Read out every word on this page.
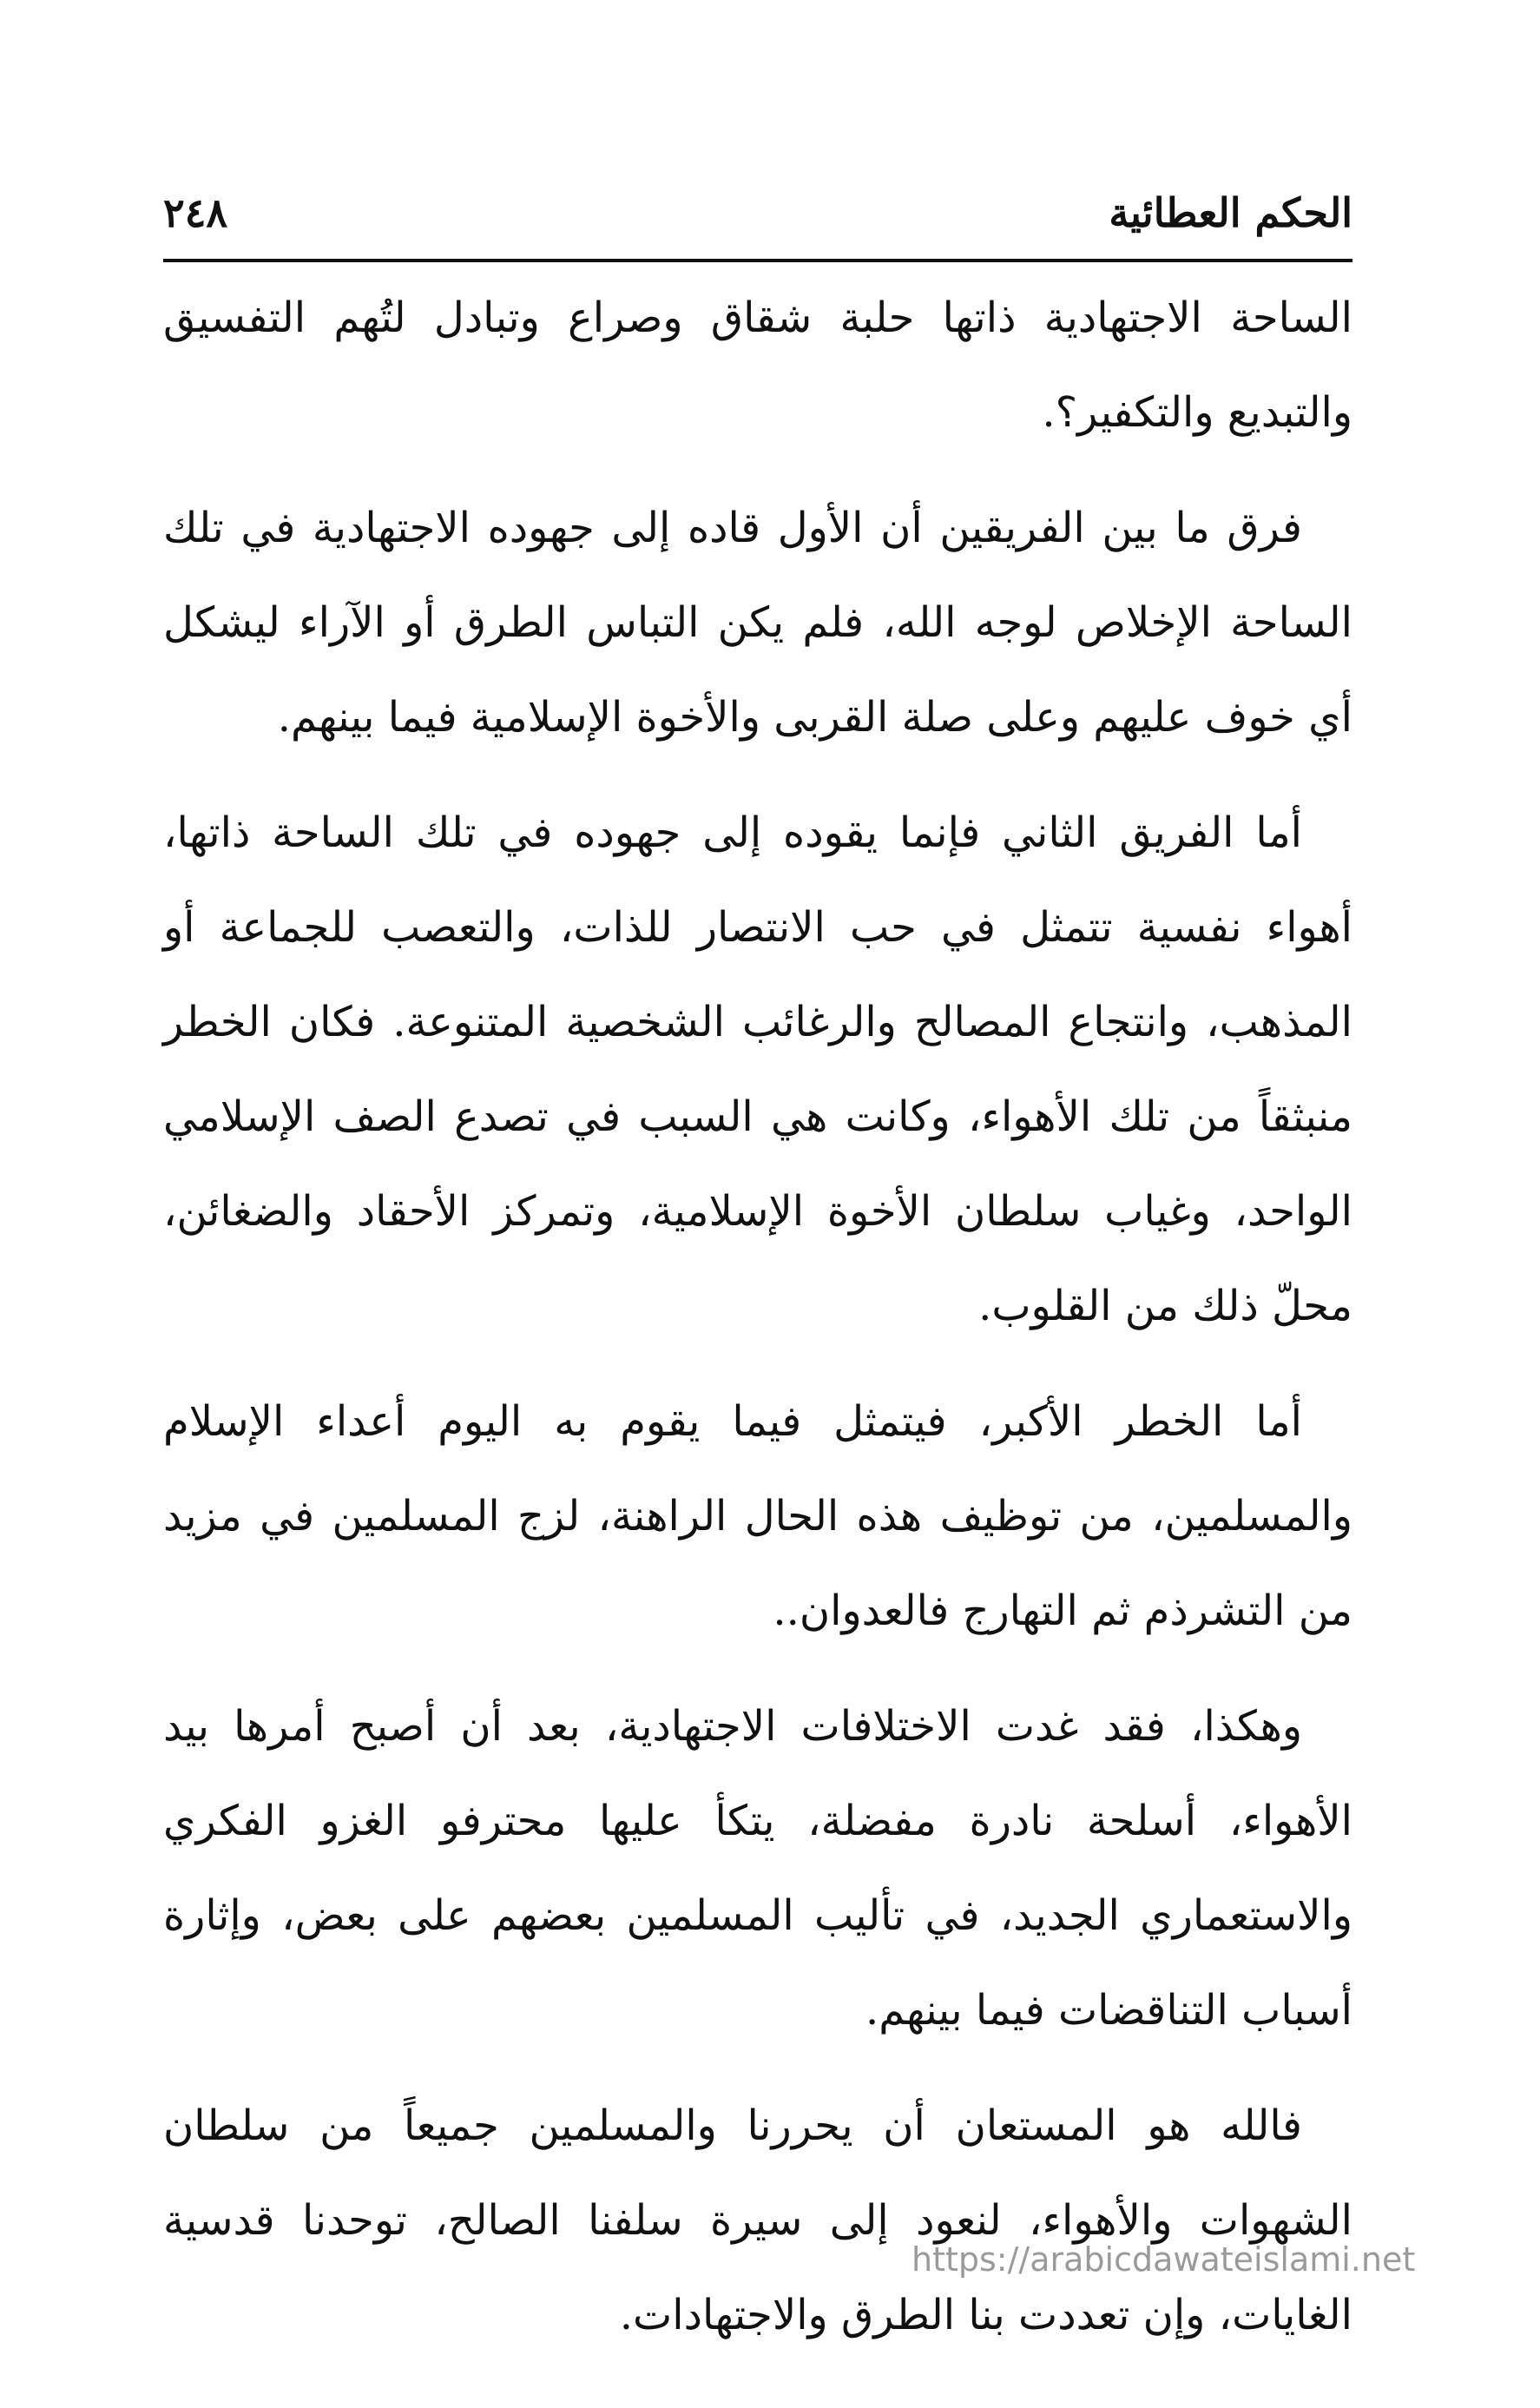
الحكم العطائية
٢٤٨

الساحة الاجتهادية ذاتها حلبة شقاق وصراع وتبادل لتُهم التفسيق والتبديع والتكفير؟.

فرق ما بين الفريقين أن الأول قاده إلى جهوده الاجتهادية في تلك الساحة الإخلاص لوجه الله، فلم يكن التباس الطرق أو الآراء ليشكل أي خوف عليهم وعلى صلة القربى والأخوة الإسلامية فيما بينهم.

أما الفريق الثاني فإنما يقوده إلى جهوده في تلك الساحة ذاتها، أهواء نفسية تتمثل في حب الانتصار للذات، والتعصب للجماعة أو المذهب، وانتجاع المصالح والرغائب الشخصية المتنوعة. فكان الخطر منبثقاً من تلك الأهواء، وكانت هي السبب في تصدع الصف الإسلامي الواحد، وغياب سلطان الأخوة الإسلامية، وتمركز الأحقاد والضغائن، محلّ ذلك من القلوب.

أما الخطر الأكبر، فيتمثل فيما يقوم به اليوم أعداء الإسلام والمسلمين، من توظيف هذه الحال الراهنة، لزج المسلمين في مزيد من التشرذم ثم التهارج فالعدوان..

وهكذا، فقد غدت الاختلافات الاجتهادية، بعد أن أصبح أمرها بيد الأهواء، أسلحة نادرة مفضلة، يتكأ عليها محترفو الغزو الفكري والاستعماري الجديد، في تأليب المسلمين بعضهم على بعض، وإثارة أسباب التناقضات فيما بينهم.

فالله هو المستعان أن يحررنا والمسلمين جميعاً من سلطان الشهوات والأهواء، لنعود إلى سيرة سلفنا الصالح، توحدنا قدسية الغايات، وإن تعددت بنا الطرق والاجتهادات.

https://arabicdawateislami.net
